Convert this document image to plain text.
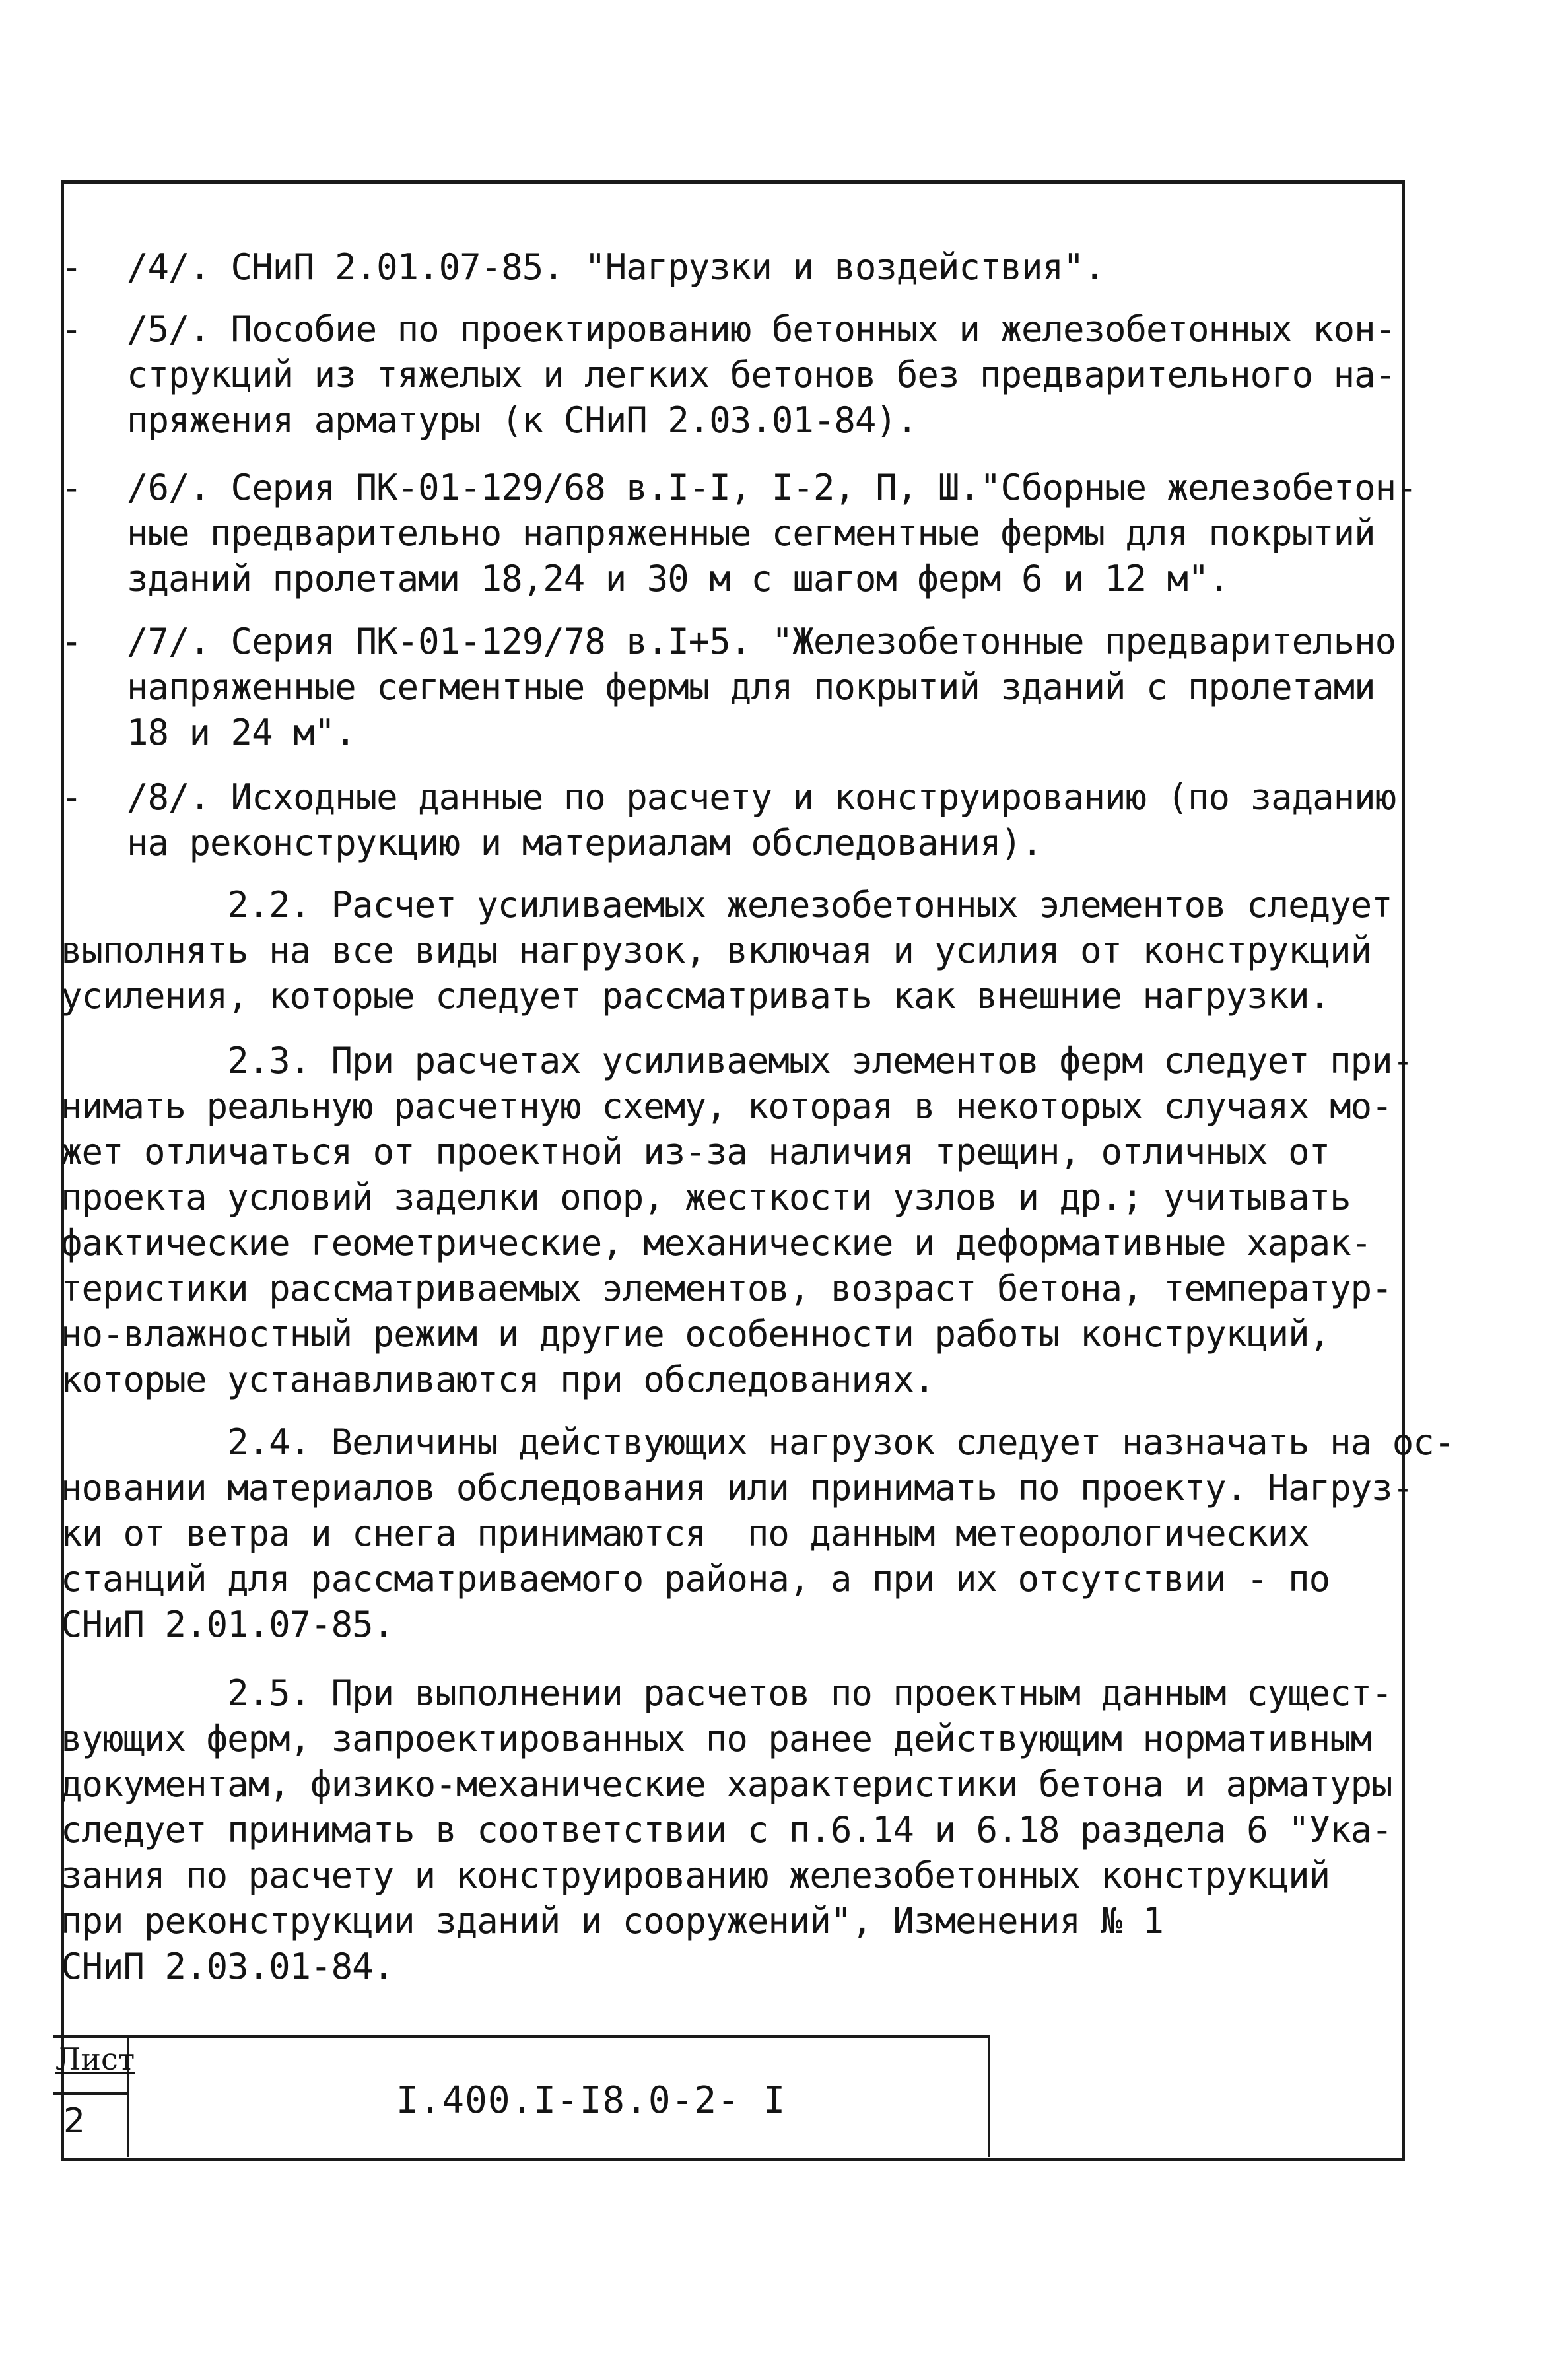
-	/4/. СНиП 2.01.07-85. "Нагрузки и воздействия".
-	/5/. Пособие по проектированию бетонных и железобетонных кон-
струкций из тяжелых и легких бетонов без предварительного на-
пряжения арматуры (к СНиП 2.03.01-84).
-	/6/. Серия ПК-01-129/68 в.I-I, I-2, П, Ш."Сборные железобетон-
ные предварительно напряженные сегментные фермы для покрытий
зданий пролетами 18,24 и 30 м с шагом ферм 6 и 12 м".
-	/7/. Серия ПК-01-129/78 в.I+5. "Железобетонные предварительно
напряженные сегментные фермы для покрытий зданий с пролетами
18 и 24 м".
-	/8/. Исходные данные по расчету и конструированию (по заданию
на реконструкцию и материалам обследования).
2.2. Расчет усиливаемых железобетонных элементов следует
выполнять на все виды нагрузок, включая и усилия от конструкций
усиления, которые следует рассматривать как внешние нагрузки.
2.3. При расчетах усиливаемых элементов ферм следует при-
нимать реальную расчетную схему, которая в некоторых случаях мо-
жет отличаться от проектной из-за наличия трещин, отличных от
проекта условий заделки опор, жесткости узлов и др.; учитывать
фактические геометрические, механические и деформативные харак-
теристики рассматриваемых элементов, возраст бетона, температур-
но-влажностный режим и другие особенности работы конструкций,
которые устанавливаются при обследованиях.
2.4. Величины действующих нагрузок следует назначать на ос-
новании материалов обследования или принимать по проекту. Нагруз-
ки от ветра и снега принимаются  по данным метеорологических
станций для рассматриваемого района, а при их отсутствии - по
СНиП 2.01.07-85.
2.5. При выполнении расчетов по проектным данным сущест-
вующих ферм, запроектированных по ранее действующим нормативным
документам, физико-механические характеристики бетона и арматуры
следует принимать в соответствии с п.6.14 и 6.18 раздела 6 "Ука-
зания по расчету и конструированию железобетонных конструкций
при реконструкции зданий и сооружений", Изменения № 1
СНиП 2.03.01-84.
Лист
2	I.400.I-I8.0-2- I
